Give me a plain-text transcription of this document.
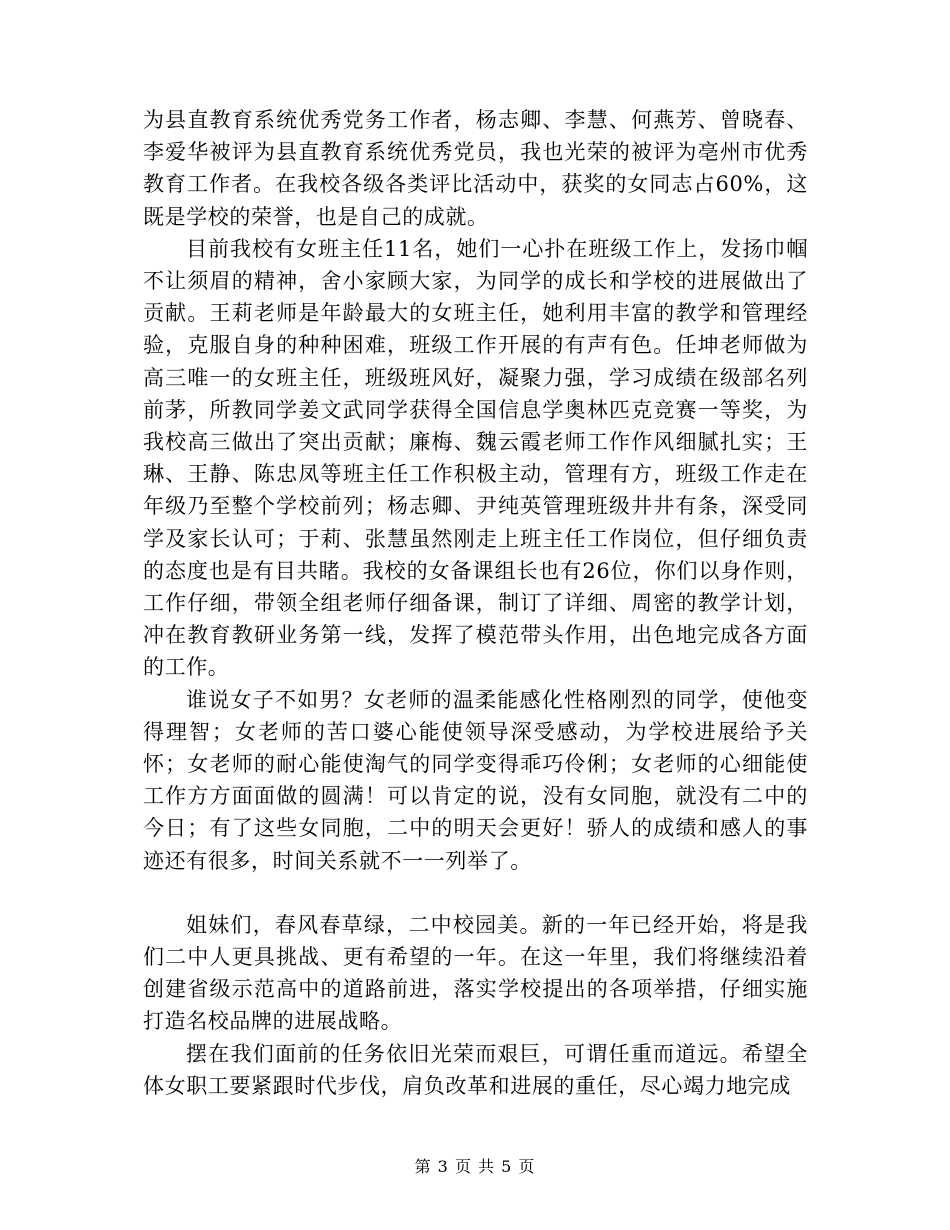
为县直教育系统优秀党务工作者，杨志卿、李慧、何燕芳、曾晓春、李爱华被评为县直教育系统优秀党员，我也光荣的被评为亳州市优秀教育工作者。在我校各级各类评比活动中，获奖的女同志占60%，这既是学校的荣誉，也是自己的成就。

目前我校有女班主任11名，她们一心扑在班级工作上，发扬巾帼不让须眉的精神，舍小家顾大家，为同学的成长和学校的进展做出了贡献。王莉老师是年龄最大的女班主任，她利用丰富的教学和管理经验，克服自身的种种困难，班级工作开展的有声有色。任坤老师做为高三唯一的女班主任，班级班风好，凝聚力强，学习成绩在级部名列前茅，所教同学姜文武同学获得全国信息学奥林匹克竞赛一等奖，为我校高三做出了突出贡献；廉梅、魏云霞老师工作作风细腻扎实；王琳、王静、陈忠凤等班主任工作积极主动，管理有方，班级工作走在年级乃至整个学校前列；杨志卿、尹纯英管理班级井井有条，深受同学及家长认可；于莉、张慧虽然刚走上班主任工作岗位，但仔细负责的态度也是有目共睹。我校的女备课组长也有26位，你们以身作则，工作仔细，带领全组老师仔细备课，制订了详细、周密的教学计划，冲在教育教研业务第一线，发挥了模范带头作用，出色地完成各方面的工作。

谁说女子不如男？女老师的温柔能感化性格刚烈的同学，使他变得理智；女老师的苦口婆心能使领导深受感动，为学校进展给予关怀；女老师的耐心能使淘气的同学变得乖巧伶俐；女老师的心细能使工作方方面面做的圆满！可以肯定的说，没有女同胞，就没有二中的今日；有了这些女同胞，二中的明天会更好！骄人的成绩和感人的事迹还有很多，时间关系就不一一列举了。

姐妹们，春风春草绿，二中校园美。新的一年已经开始，将是我们二中人更具挑战、更有希望的一年。在这一年里，我们将继续沿着创建省级示范高中的道路前进，落实学校提出的各项举措，仔细实施打造名校品牌的进展战略。

摆在我们面前的任务依旧光荣而艰巨，可谓任重而道远。希望全体女职工要紧跟时代步伐，肩负改革和进展的重任，尽心竭力地完成

第 3 页 共 5 页
